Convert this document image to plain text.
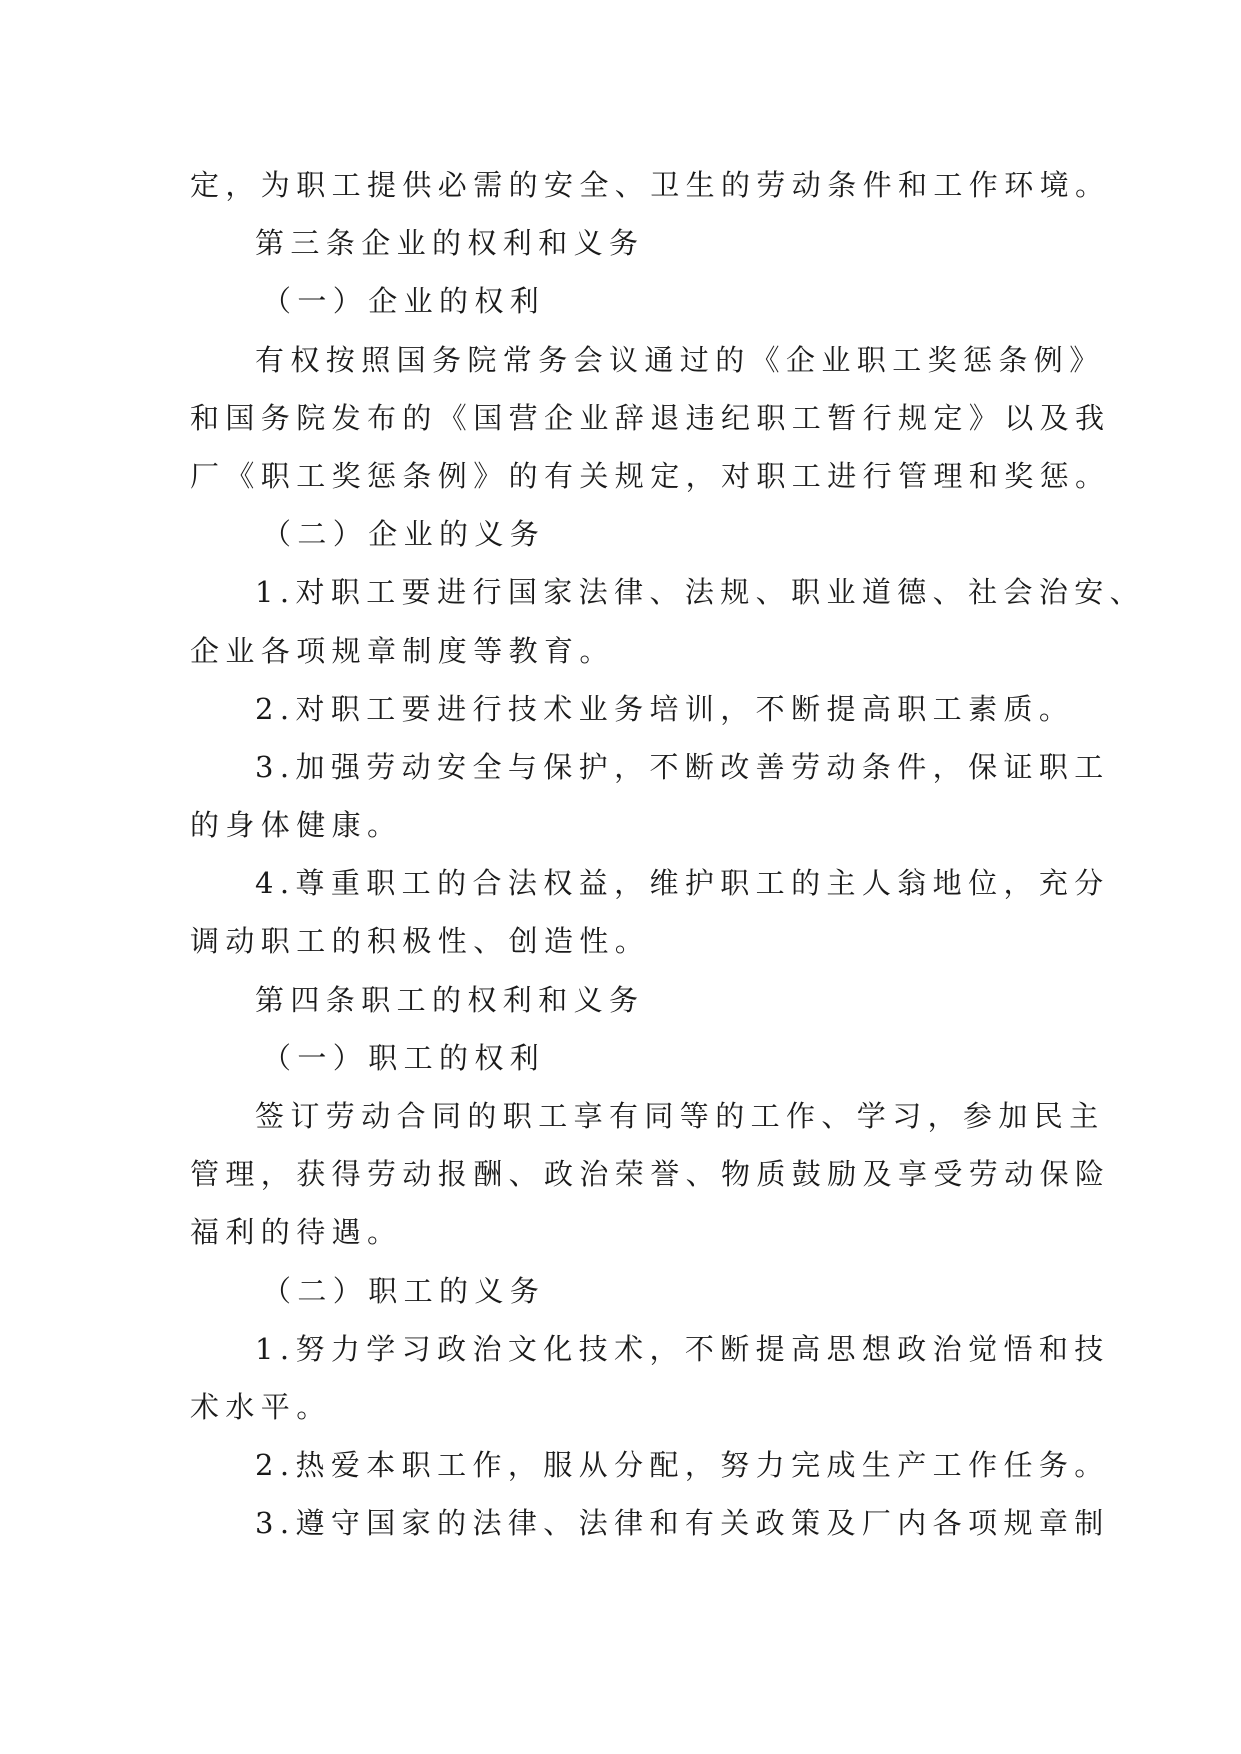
定，为职工提供必需的安全、卫生的劳动条件和工作环境。

第三条企业的权利和义务

（一）企业的权利

有权按照国务院常务会议通过的《企业职工奖惩条例》

和国务院发布的《国营企业辞退违纪职工暂行规定》以及我

厂《职工奖惩条例》的有关规定，对职工进行管理和奖惩。

（二）企业的义务

1.对职工要进行国家法律、法规、职业道德、社会治安、

企业各项规章制度等教育。

2.对职工要进行技术业务培训，不断提高职工素质。

3.加强劳动安全与保护，不断改善劳动条件，保证职工

的身体健康。

4.尊重职工的合法权益，维护职工的主人翁地位，充分

调动职工的积极性、创造性。

第四条职工的权利和义务

（一）职工的权利

签订劳动合同的职工享有同等的工作、学习，参加民主

管理，获得劳动报酬、政治荣誉、物质鼓励及享受劳动保险

福利的待遇。

（二）职工的义务

1.努力学习政治文化技术，不断提高思想政治觉悟和技

术水平。

2.热爱本职工作，服从分配，努力完成生产工作任务。

3.遵守国家的法律、法律和有关政策及厂内各项规章制
